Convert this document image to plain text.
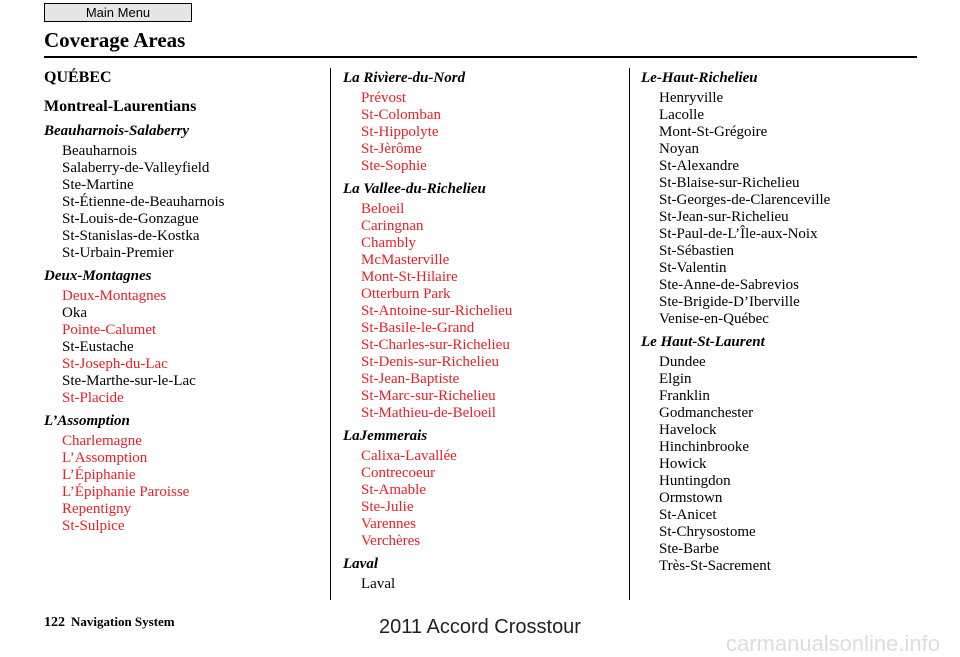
Main Menu
Coverage Areas
QUÉBEC
Montreal-Laurentians
Beauharnois-Salaberry
Beauharnois
Salaberry-de-Valleyfield
Ste-Martine
St-Étienne-de-Beauharnois
St-Louis-de-Gonzague
St-Stanislas-de-Kostka
St-Urbain-Premier
Deux-Montagnes
Deux-Montagnes
Oka
Pointe-Calumet
St-Eustache
St-Joseph-du-Lac
Ste-Marthe-sur-le-Lac
St-Placide
L’Assomption
Charlemagne
L’Assomption
L’Épiphanie
L’Épiphanie Paroisse
Repentigny
St-Sulpice
La Rivìere-du-Nord
Prévost
St-Colomban
St-Hippolyte
St-Jèrôme
Ste-Sophie
La Vallee-du-Richelieu
Beloeil
Caringnan
Chambly
McMasterville
Mont-St-Hilaire
Otterburn Park
St-Antoine-sur-Richelieu
St-Basile-le-Grand
St-Charles-sur-Richelieu
St-Denis-sur-Richelieu
St-Jean-Baptiste
St-Marc-sur-Richelieu
St-Mathieu-de-Beloeil
LaJemmerais
Calixa-Lavallée
Contrecoeur
St-Amable
Ste-Julie
Varennes
Verchères
Laval
Laval
Le-Haut-Richelieu
Henryville
Lacolle
Mont-St-Grégoire
Noyan
St-Alexandre
St-Blaise-sur-Richelieu
St-Georges-de-Clarenceville
St-Jean-sur-Richelieu
St-Paul-de-L’Île-aux-Noix
St-Sébastien
St-Valentin
Ste-Anne-de-Sabrevios
Ste-Brigide-D’Iberville
Venise-en-Québec
Le Haut-St-Laurent
Dundee
Elgin
Franklin
Godmanchester
Havelock
Hinchinbrooke
Howick
Huntingdon
Ormstown
St-Anicet
St-Chrysostome
Ste-Barbe
Très-St-Sacrement
122 Navigation System	2011 Accord Crosstour
carmanualsonline.info
